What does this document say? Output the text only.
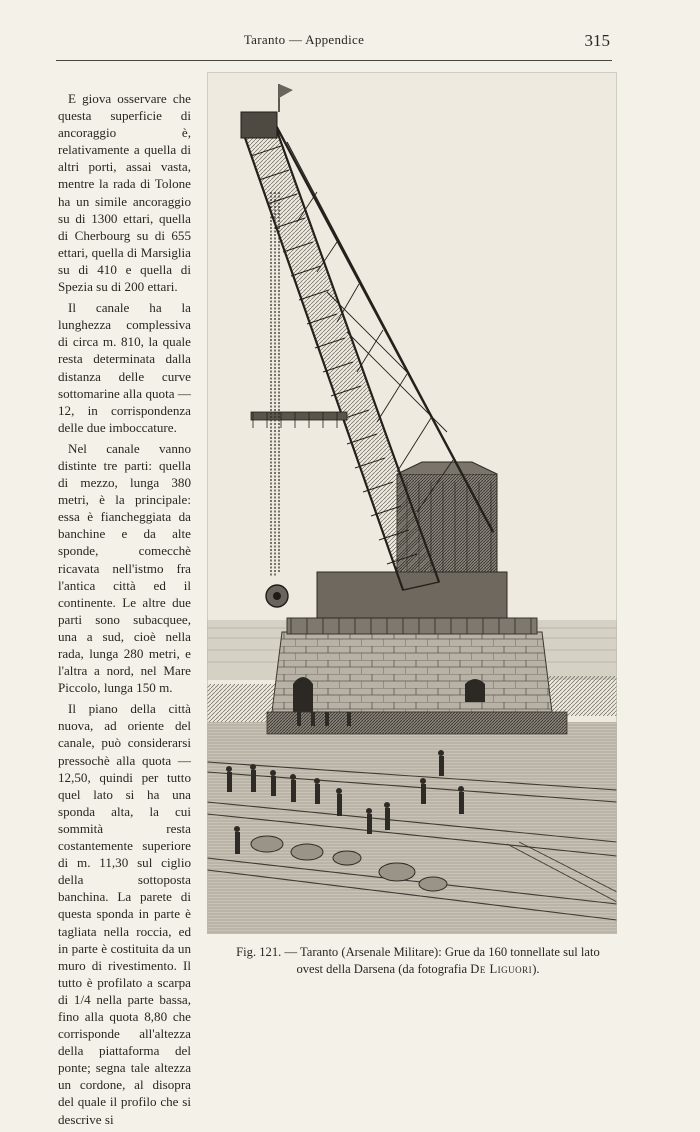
Taranto — Appendice	315

E giova osservare che questa superficie di ancoraggio è, relativamente a quella di altri porti, assai vasta, mentre la rada di Tolone ha un simile ancoraggio su di 1300 ettari, quella di Cherbourg su di 655 ettari, quella di Marsiglia su di 410 e quella di Spezia su di 200 ettari.

Il canale ha la lunghezza complessiva di circa m. 810, la quale resta determinata dalla distanza delle curve sottomarine alla quota —12, in corrispondenza delle due imboccature.

Nel canale vanno distinte tre parti: quella di mezzo, lunga 380 metri, è la principale: essa è fiancheggiata da banchine e da alte sponde, comecchè ricavata nell'istmo fra l'antica città ed il continente. Le altre due parti sono subacquee, una a sud, cioè nella rada, lunga 280 metri, e l'altra a nord, nel Mare Piccolo, lunga 150 m.

Il piano della città nuova, ad oriente del canale, può considerarsi pressochè alla quota —12,50, quindi per tutto quel lato si ha una sponda alta, la cui sommità resta costantemente superiore di m. 11,30 sul ciglio della sottoposta banchina. La parete di questa sponda in parte è tagliata nella roccia, ed in parte è costituita da un muro di rivestimento. Il tutto è profilato a scarpa di 1/4 nella parte bassa, fino alla quota 8,80 che corrisponde all'altezza della piattaforma del ponte; segna tale altezza un cordone, al disopra del quale il profilo che si descrive si

Fig. 121. — Taranto (Arsenale Militare): Grue da 160 tonnellate sul lato ovest della Darsena (da fotografia De Liguori).
